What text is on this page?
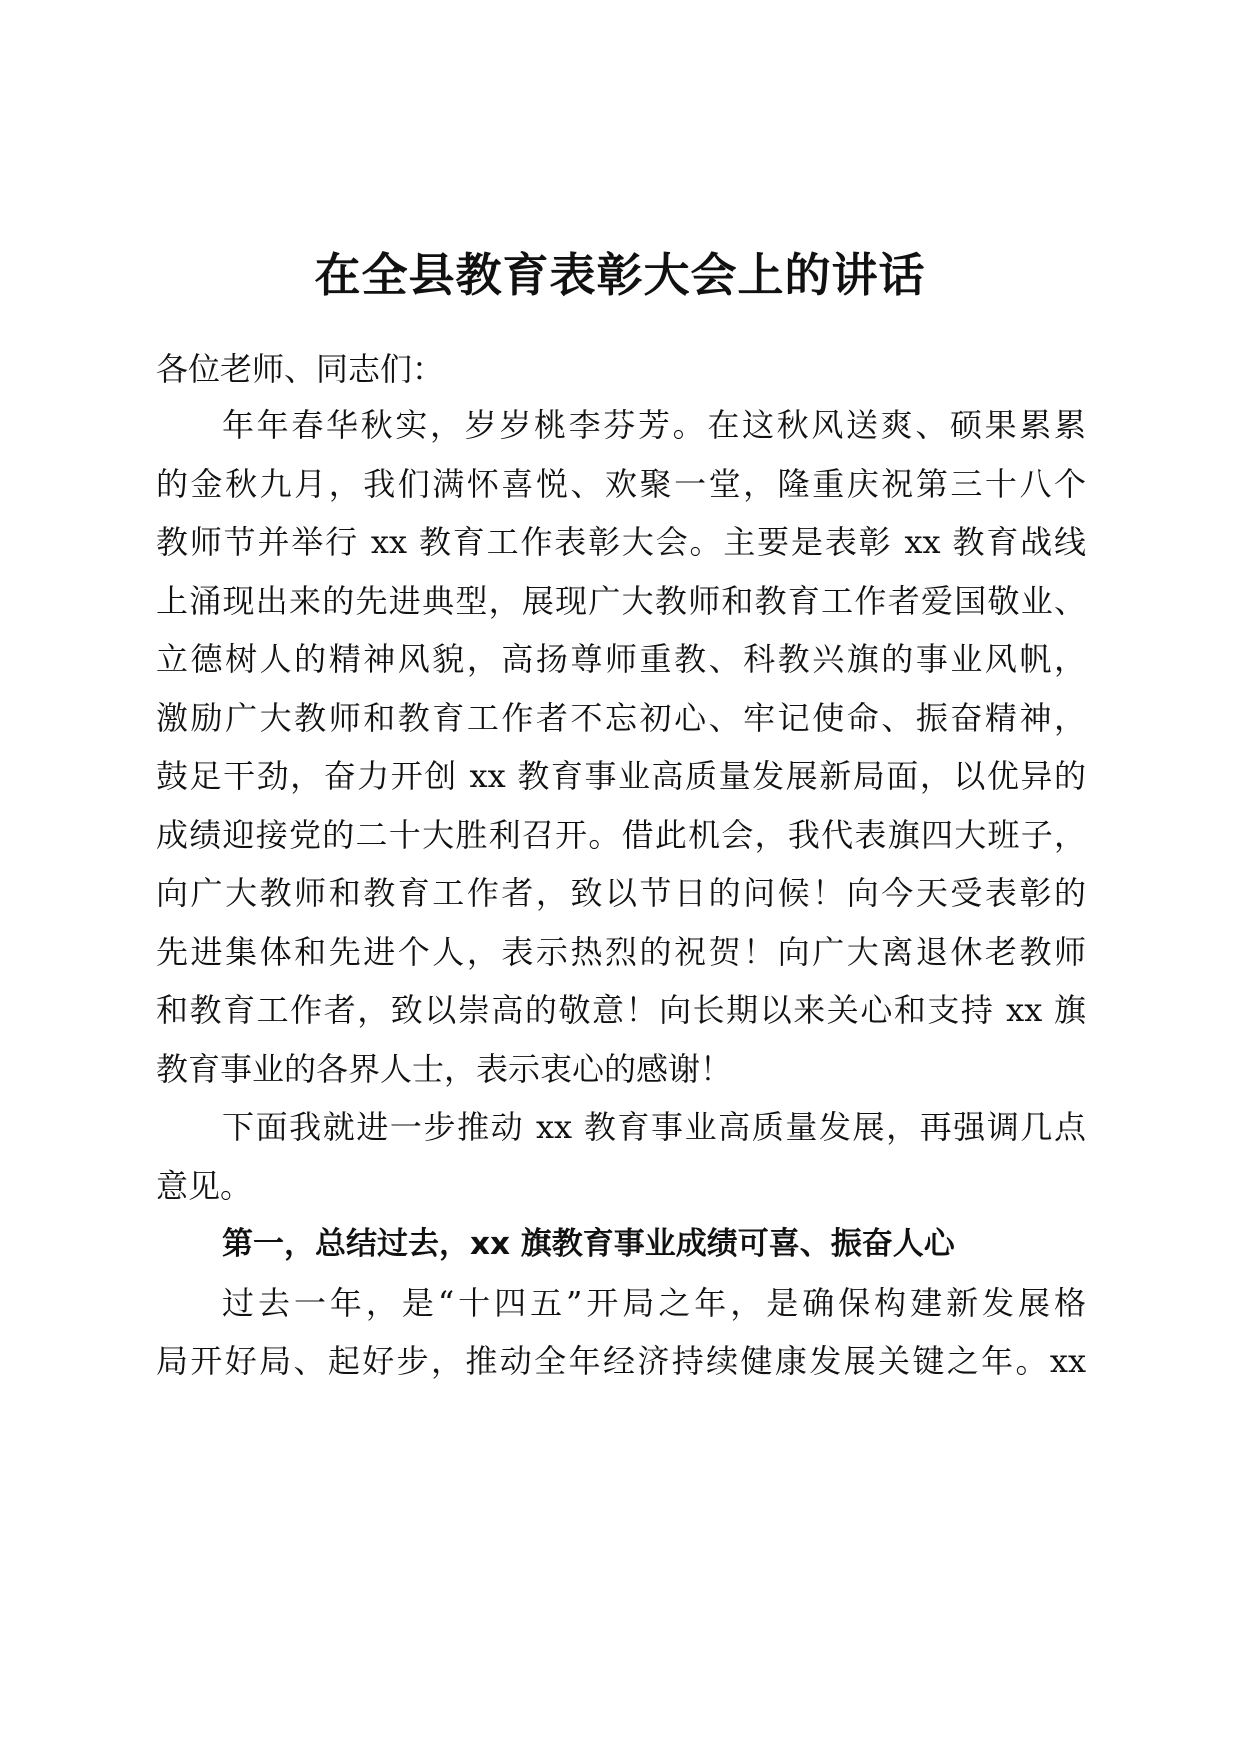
在全县教育表彰大会上的讲话

各位老师、同志们：

年年春华秋实，岁岁桃李芬芳。在这秋风送爽、硕果累累

的金秋九月，我们满怀喜悦、欢聚一堂，隆重庆祝第三十八个

教师节并举行 xx 教育工作表彰大会。主要是表彰 xx 教育战线

上涌现出来的先进典型，展现广大教师和教育工作者爱国敬业、

立德树人的精神风貌，高扬尊师重教、科教兴旗的事业风帆，

激励广大教师和教育工作者不忘初心、牢记使命、振奋精神，

鼓足干劲，奋力开创 xx 教育事业高质量发展新局面，以优异的

成绩迎接党的二十大胜利召开。借此机会，我代表旗四大班子，

向广大教师和教育工作者，致以节日的问候！向今天受表彰的

先进集体和先进个人，表示热烈的祝贺！向广大离退休老教师

和教育工作者，致以崇高的敬意！向长期以来关心和支持 xx 旗

教育事业的各界人士，表示衷心的感谢！

下面我就进一步推动 xx 教育事业高质量发展，再强调几点

意见。

第一，总结过去，xx 旗教育事业成绩可喜、振奋人心

过去一年，是“十四五”开局之年，是确保构建新发展格

局开好局、起好步，推动全年经济持续健康发展关键之年。xx
